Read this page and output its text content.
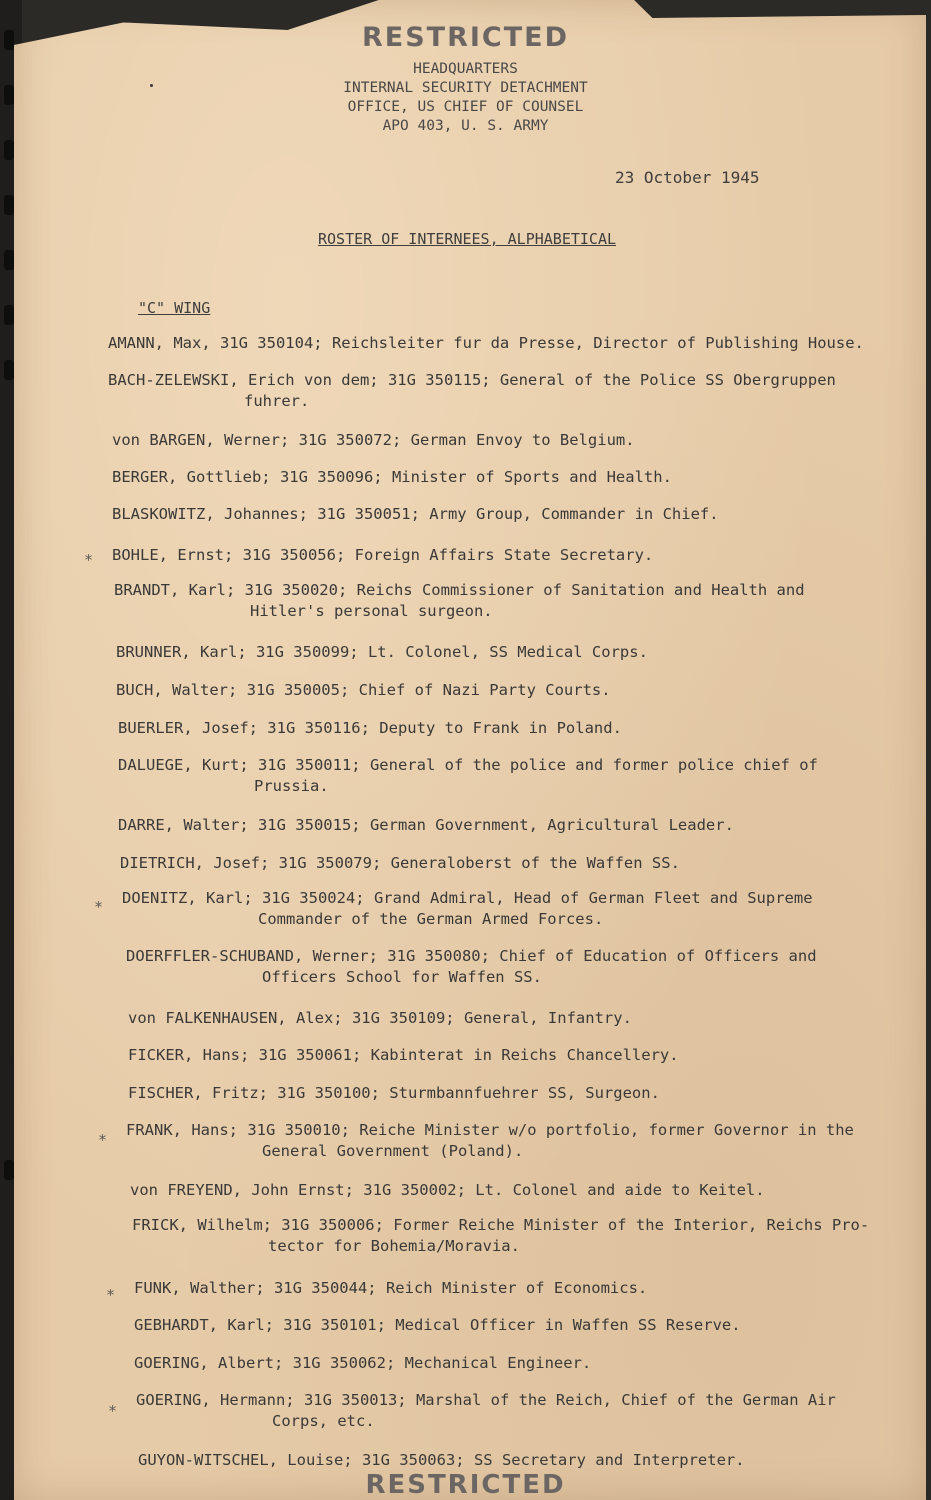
RESTRICTED
HEADQUARTERS
INTERNAL SECURITY DETACHMENT
OFFICE, US CHIEF OF COUNSEL
APO 403, U. S. ARMY
23 October 1945
ROSTER OF INTERNEES, ALPHABETICAL
"C" WING
AMANN, Max, 31G 350104; Reichsleiter fur da Presse, Director of Publishing House.
BACH-ZELEWSKI, Erich von dem; 31G 350115; General of the Police SS Obergruppen
fuhrer.
von BARGEN, Werner; 31G 350072; German Envoy to Belgium.
BERGER, Gottlieb; 31G 350096; Minister of Sports and Health.
BLASKOWITZ, Johannes; 31G 350051; Army Group, Commander in Chief.
* BOHLE, Ernst; 31G 350056; Foreign Affairs State Secretary.
BRANDT, Karl; 31G 350020; Reichs Commissioner of Sanitation and Health and
Hitler's personal surgeon.
BRUNNER, Karl; 31G 350099; Lt. Colonel, SS Medical Corps.
BUCH, Walter; 31G 350005; Chief of Nazi Party Courts.
BUERLER, Josef; 31G 350116; Deputy to Frank in Poland.
DALUEGE, Kurt; 31G 350011; General of the police and former police chief of
Prussia.
DARRE, Walter; 31G 350015; German Government, Agricultural Leader.
DIETRICH, Josef; 31G 350079; Generaloberst of the Waffen SS.
* DOENITZ, Karl; 31G 350024; Grand Admiral, Head of German Fleet and Supreme
Commander of the German Armed Forces.
DOERFFLER-SCHUBAND, Werner; 31G 350080; Chief of Education of Officers and
Officers School for Waffen SS.
von FALKENHAUSEN, Alex; 31G 350109; General, Infantry.
FICKER, Hans; 31G 350061; Kabinterat in Reichs Chancellery.
FISCHER, Fritz; 31G 350100; Sturmbannfuehrer SS, Surgeon.
*
FRANK, Hans; 31G 350010; Reiche Minister w/o portfolio, former Governor in the
General Government (Poland).
von FREYEND, John Ernst; 31G 350002; Lt. Colonel and aide to Keitel.
FRICK, Wilhelm; 31G 350006; Former Reiche Minister of the Interior, Reichs Pro-
tector for Bohemia/Moravia.
* FUNK, Walther; 31G 350044; Reich Minister of Economics.
GEBHARDT, Karl; 31G 350101; Medical Officer in Waffen SS Reserve.
GOERING, Albert; 31G 350062; Mechanical Engineer.
*
GOERING, Hermann; 31G 350013; Marshal of the Reich, Chief of the German Air
Corps, etc.
GUYON-WITSCHEL, Louise; 31G 350063; SS Secretary and Interpreter.
RESTRICTED
